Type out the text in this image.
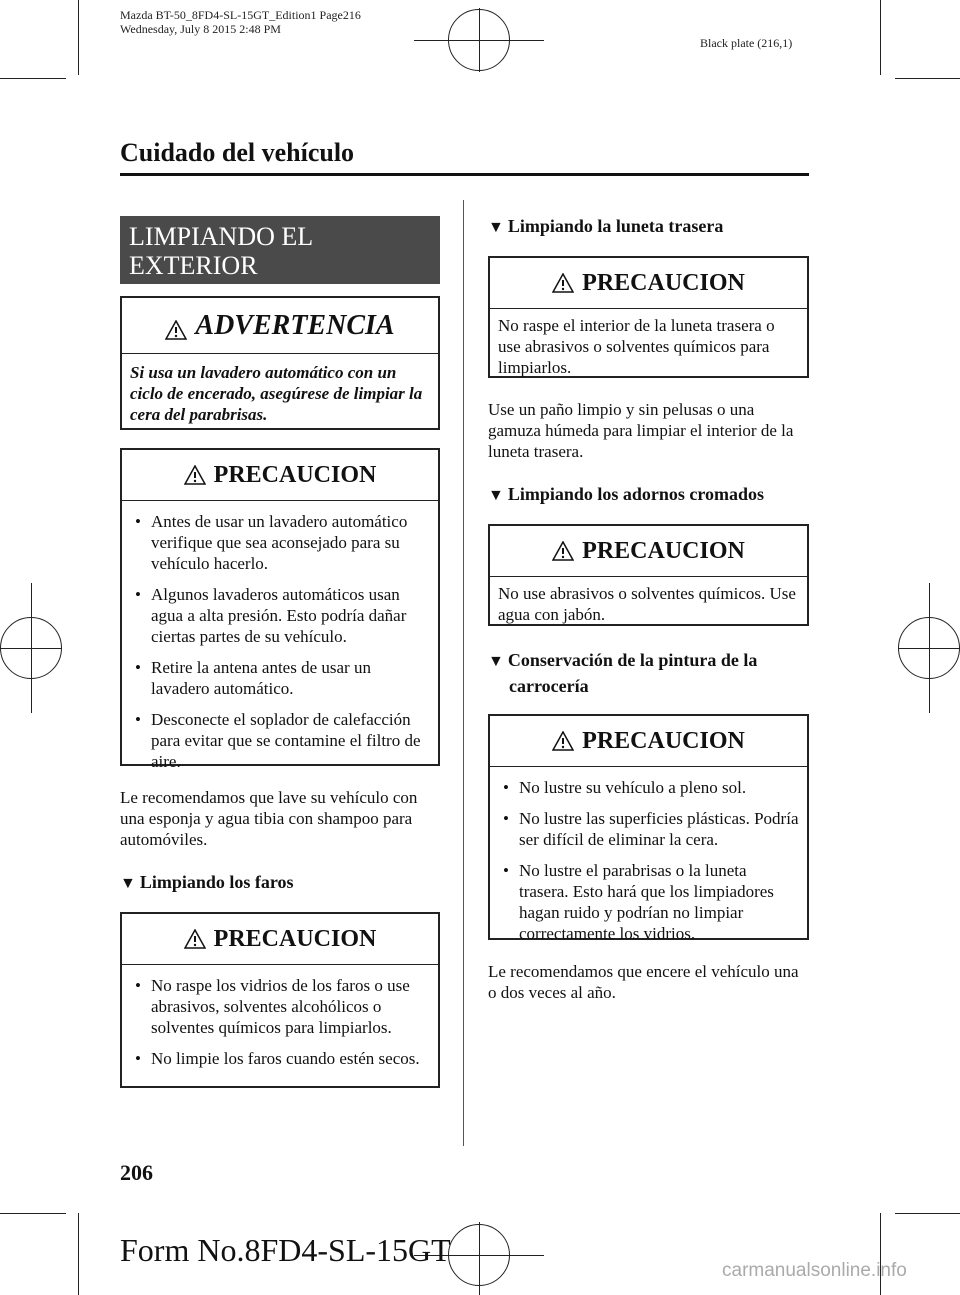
Mazda BT-50_8FD4-SL-15GT_Edition1 Page216
Wednesday, July 8 2015 2:48 PM
Black plate (216,1)
Cuidado del vehículo
LIMPIANDO EL
EXTERIOR
ADVERTENCIA
Si usa un lavadero automático con un ciclo de encerado, asegúrese de limpiar la cera del parabrisas.
PRECAUCION
• Antes de usar un lavadero automático verifique que sea aconsejado para su vehículo hacerlo.
• Algunos lavaderos automáticos usan agua a alta presión. Esto podría dañar ciertas partes de su vehículo.
• Retire la antena antes de usar un lavadero automático.
• Desconecte el soplador de calefacción para evitar que se contamine el filtro de aire.
Le recomendamos que lave su vehículo con una esponja y agua tibia con shampoo para automóviles.
▼ Limpiando los faros
PRECAUCION
• No raspe los vidrios de los faros o use abrasivos, solventes alcohólicos o solventes químicos para limpiarlos.
• No limpie los faros cuando estén secos.
▼ Limpiando la luneta trasera
PRECAUCION
No raspe el interior de la luneta trasera o use abrasivos o solventes químicos para limpiarlos.
Use un paño limpio y sin pelusas o una gamuza húmeda para limpiar el interior de la luneta trasera.
▼ Limpiando los adornos cromados
PRECAUCION
No use abrasivos o solventes químicos. Use agua con jabón.
▼ Conservación de la pintura de la
carrocería
PRECAUCION
• No lustre su vehículo a pleno sol.
• No lustre las superficies plásticas. Podría ser difícil de eliminar la cera.
• No lustre el parabrisas o la luneta trasera. Esto hará que los limpiadores hagan ruido y podrían no limpiar correctamente los vidrios.
Le recomendamos que encere el vehículo una o dos veces al año.
206
Form No.8FD4-SL-15GT
carmanualsonline.info
